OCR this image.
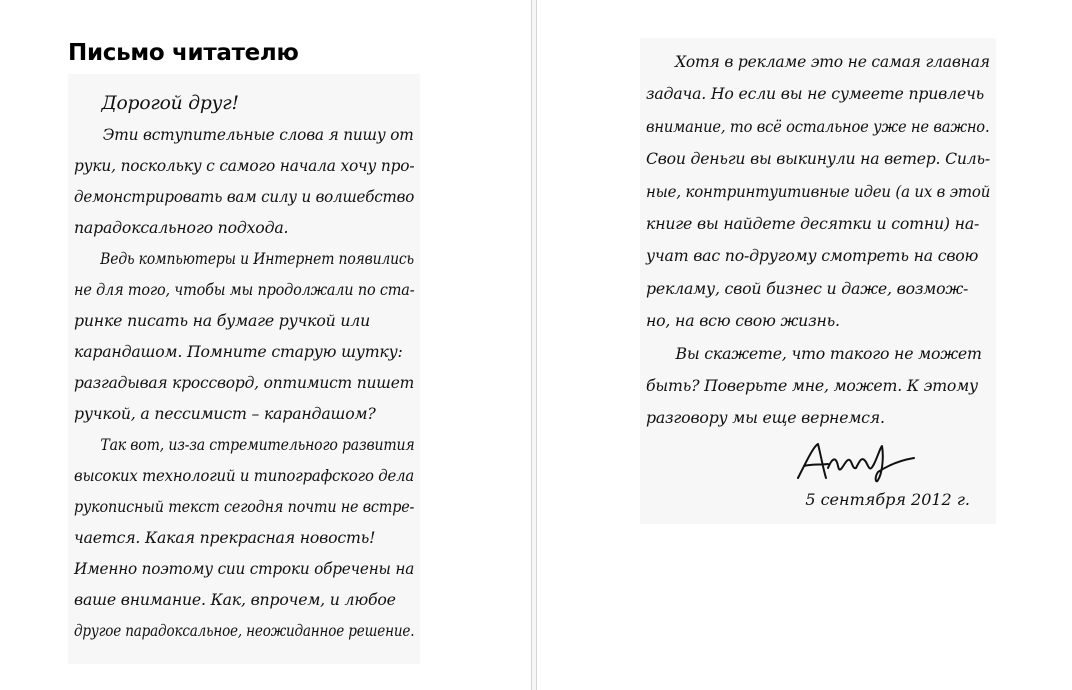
Письмо читателю
Дорогой друг!
Эти вступительные слова я пишу от
руки, поскольку с самого начала хочу про-
демонстрировать вам силу и волшебство
парадоксального подхода.
Ведь компьютеры и Интернет появились
не для того, чтобы мы продолжали по ста-
ринке писать на бумаге ручкой или
карандашом. Помните старую шутку:
разгадывая кроссворд, оптимист пишет
ручкой, а пессимист – карандашом?
Так вот, из-за стремительного развития
высоких технологий и типографского дела
рукописный текст сегодня почти не встре-
чается. Какая прекрасная новость!
Именно поэтому сии строки обречены на
ваше внимание. Как, впрочем, и любое
другое парадоксальное, неожиданное решение.
Хотя в рекламе это не самая главная
задача. Но если вы не сумеете привлечь
внимание, то всё остальное уже не важно.
Свои деньги вы выкинули на ветер. Силь-
ные, контринтуитивные идеи (а их в этой
книге вы найдете десятки и сотни) на-
учат вас по-другому смотреть на свою
рекламу, свой бизнес и даже, возмож-
но, на всю свою жизнь.
Вы скажете, что такого не может
быть? Поверьте мне, может. К этому
разговору мы еще вернемся.
5 сентября 2012 г.
